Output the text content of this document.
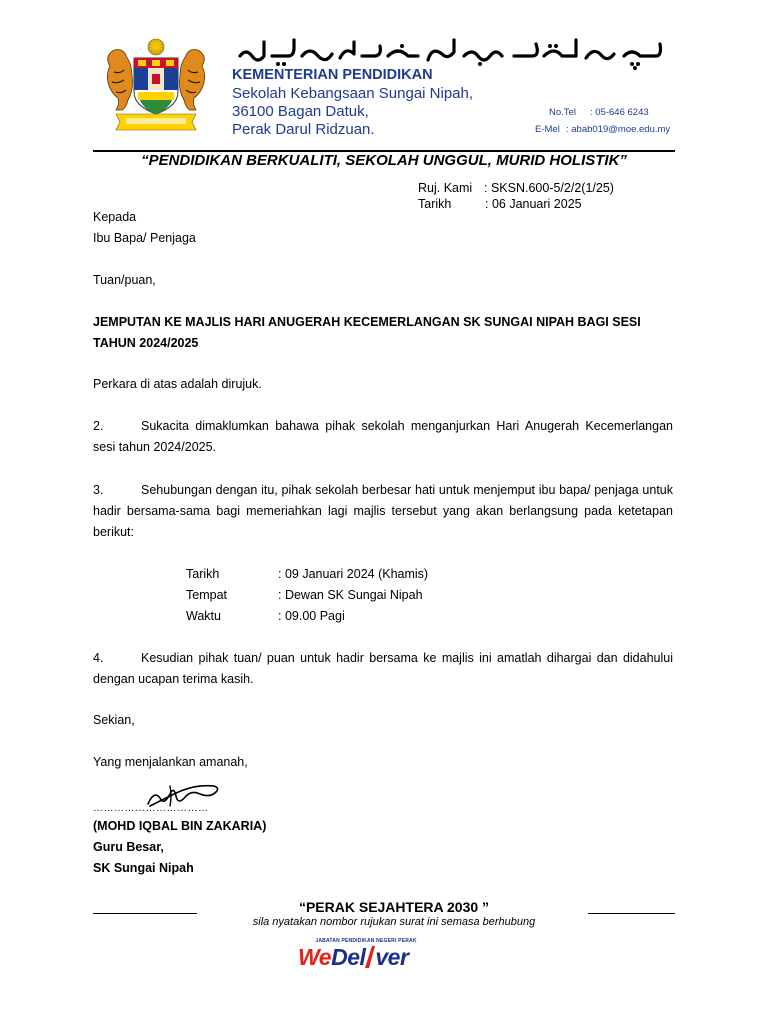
KEMENTERIAN PENDIDIKAN
Sekolah Kebangsaan Sungai Nipah,
36100 Bagan Datuk,
Perak Darul Ridzuan.
No.Tel : 05-646 6243
E-Mel : abab019@moe.edu.my
“PENDIDIKAN BERKUALITI, SEKOLAH UNGGUL, MURID HOLISTIK”
Ruj. Kami : SKSN.600-5/2/2(1/25)
Tarikh	: 06 Januari 2025
Kepada
Ibu Bapa/ Penjaga
Tuan/puan,
JEMPUTAN KE MAJLIS HARI ANUGERAH KECEMERLANGAN SK SUNGAI NIPAH BAGI SESI
TAHUN 2024/2025
Perkara di atas adalah dirujuk.
2.	Sukacita dimaklumkan bahawa pihak sekolah menganjurkan Hari Anugerah Kecemerlangan sesi tahun 2024/2025.
3.	Sehubungan dengan itu, pihak sekolah berbesar hati untuk menjemput ibu bapa/ penjaga untuk hadir bersama-sama bagi memeriahkan lagi majlis tersebut yang akan berlangsung pada ketetapan berikut:
Tarikh	: 09 Januari 2024 (Khamis)
Tempat	: Dewan SK Sungai Nipah
Waktu	: 09.00 Pagi
4.	Kesudian pihak tuan/ puan untuk hadir bersama ke majlis ini amatlah dihargai dan didahului dengan ucapan terima kasih.
Sekian,
Yang menjalankan amanah,
……………………………
(MOHD IQBAL BIN ZAKARIA)
Guru Besar,
SK Sungai Nipah
“PERAK SEJAHTERA 2030 ”
sila nyatakan nombor rujukan surat ini semasa berhubung
JABATAN PENDIDIKAN NEGERI PERAK
WeDel ver
